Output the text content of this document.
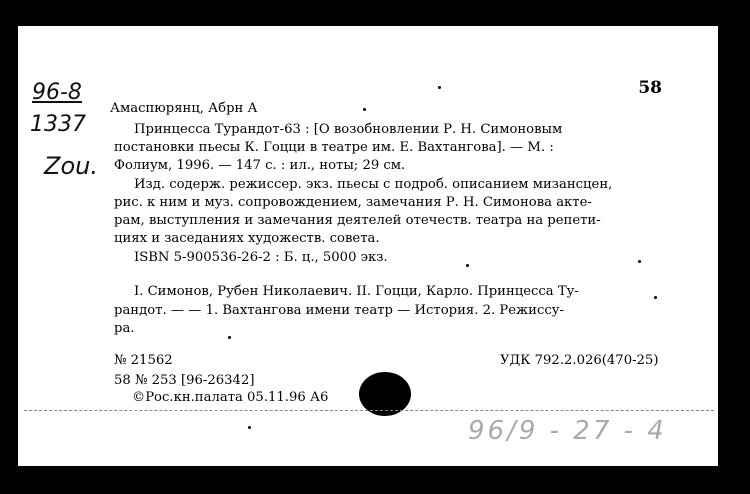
96-8
1337
Zou.
58
Амаспюрянц, Абрн А
Принцесса Турандот-63 : [О возобновлении Р. Н. Симоновым
постановки пьесы К. Гоцци в театре им. Е. Вахтангова]. — М. :
Фолиум, 1996. — 147 с. : ил., ноты; 29 см.
Изд. содерж. режиссер. экз. пьесы с подроб. описанием мизансцен,
рис. к ним и муз. сопровождением, замечания Р. Н. Симонова акте-
рам, выступления и замечания деятелей отечеств. театра на репети-
циях и заседаниях художеств. совета.
ISBN 5-900536-26-2 : Б. ц., 5000 экз.
I. Симонов, Рубен Николаевич. II. Гоцци, Карло. Принцесса Ту-
рандот. — — 1. Вахтангова имени театр — История. 2. Режиссу-
ра.
№ 21562	УДК 792.2.026(470-25)
58 № 253 [96-26342]
©Рос.кн.палата 05.11.96 А6
96/9 - 27 - 4
